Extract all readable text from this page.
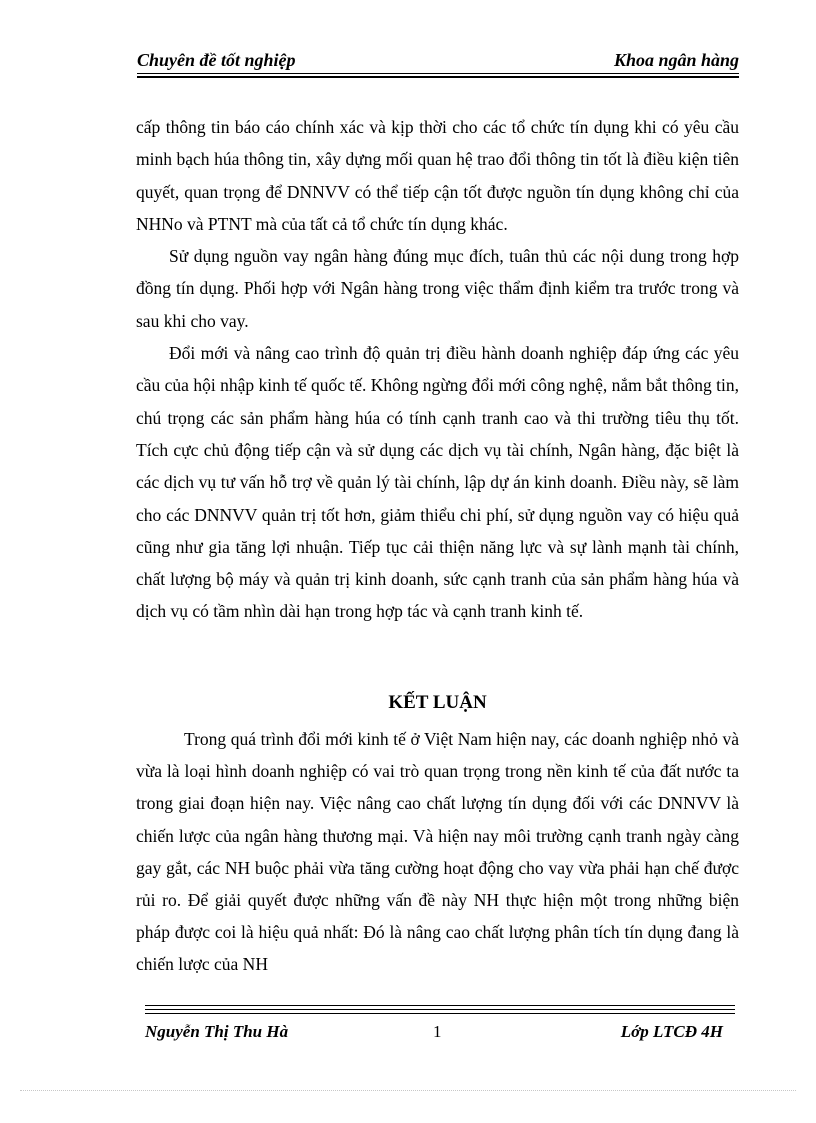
Chuyên đề tốt nghiệp	Khoa ngân hàng

cấp thông tin báo cáo chính xác và kịp thời cho các tổ chức tín dụng khi có yêu cầu minh bạch húa thông tin, xây dựng mối quan hệ trao đổi thông tin tốt là điều kiện tiên quyết, quan trọng để DNNVV có thể tiếp cận tốt được nguồn tín dụng không chỉ của NHNo và PTNT mà của tất cả tổ chức tín dụng khác.

Sử dụng nguồn vay ngân hàng đúng mục đích, tuân thủ các nội dung trong hợp đồng tín dụng. Phối hợp với Ngân hàng trong việc thẩm định kiểm tra trước trong và sau khi cho vay.

Đổi mới và nâng cao trình độ quản trị điều hành doanh nghiệp đáp ứng các yêu cầu của hội nhập kinh tế quốc tế. Không ngừng đổi mới công nghệ, nắm bắt thông tin, chú trọng các sản phẩm hàng húa có tính cạnh tranh cao và thi trường tiêu thụ tốt. Tích cực chủ động tiếp cận và sử dụng các dịch vụ tài chính, Ngân hàng, đặc biệt là các dịch vụ tư vấn hỗ trợ về quản lý tài chính, lập dự án kinh doanh. Điều này, sẽ làm cho các DNNVV quản trị tốt hơn, giảm thiểu chi phí, sử dụng nguồn vay có hiệu quả cũng như gia tăng lợi nhuận. Tiếp tục cải thiện năng lực và sự lành mạnh tài chính, chất lượng bộ máy và quản trị kinh doanh, sức cạnh tranh của sản phẩm hàng húa và dịch vụ có tầm nhìn dài hạn trong hợp tác và cạnh tranh kinh tế.

KẾT LUẬN

Trong quá trình đổi mới kinh tế ở Việt Nam hiện nay, các doanh nghiệp nhỏ và vừa là loại hình doanh nghiệp có vai trò quan trọng trong nền kinh tế của đất nước ta trong giai đoạn hiện nay. Việc nâng cao chất lượng tín dụng đối với các DNNVV là chiến lược của ngân hàng thương mại. Và hiện nay môi trường cạnh tranh ngày càng gay gắt, các NH buộc phải vừa tăng cường hoạt động cho vay vừa phải hạn chế được rủi ro. Để giải quyết được những vấn đề này NH thực hiện một trong những biện pháp được coi là hiệu quả nhất: Đó là nâng cao chất lượng phân tích tín dụng đang là chiến lược của NH

Nguyễn Thị Thu Hà	1	Lớp LTCĐ 4H
